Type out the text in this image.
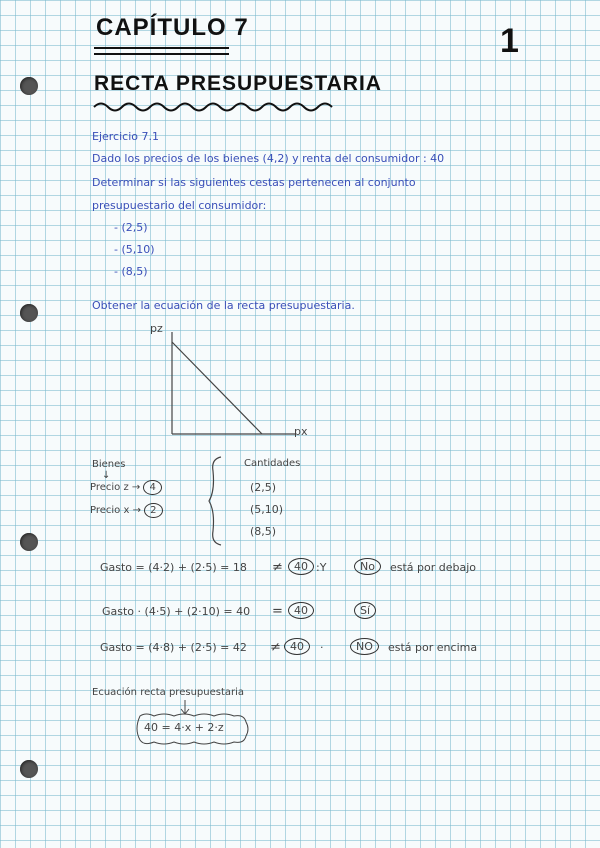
CAPÍTULO 7	1
RECTA PRESUPUESTARIA
Ejercicio 7.1
Dado los precios de los bienes (4,2) y renta del consumidor : 40
Determinar si las siguientes cestas pertenecen al conjunto
presupuestario del consumidor:
- (2,5)
- (5,10)
- (8,5)
Obtener la ecuación de la recta presupuestaria.
pz
px
Bienes
↓
Precio z → 4
Precio x → 2
Cantidades
(2,5)
(5,10)
(8,5)
Gasto = (4·2) + (2·5) = 18 ≠	40 :Y	No	está por debajo
Gasto · (4·5) + (2·10) = 40 =	40	Sí
Gasto = (4·8) + (2·5) = 42 ≠ 40	·	NO	está por encima
Ecuación recta presupuestaria
40 = 4·x + 2·z
